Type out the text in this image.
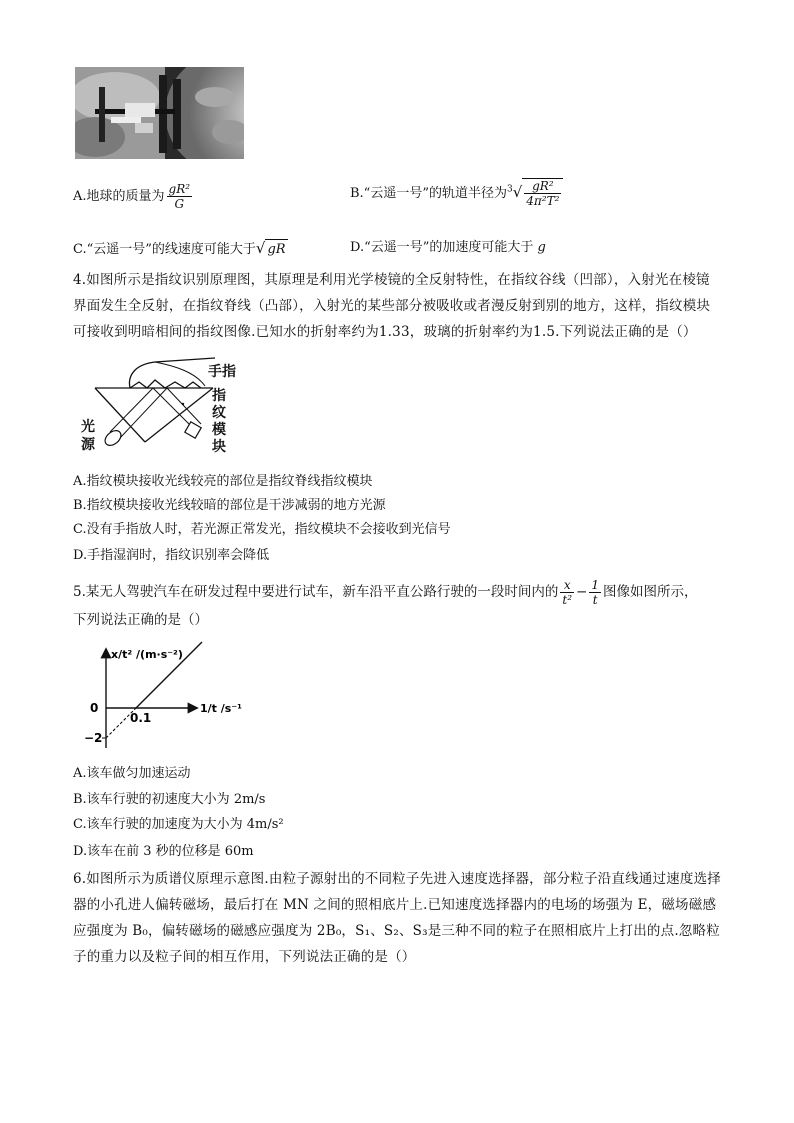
A.地球的质量为 $\frac{\text{gR²}}{G}$	B.“云遥一号”的轨道半径为$^3√ \frac{\text{gR²}}{\text{4π²T²}}$
C.“云遥一号”的线速度可能大于√ gR	D.“云遥一号”的加速度可能大于 g
4.如图所示是指纹识别原理图，其原理是利用光学棱镜的全反射特性，在指纹谷线（凹部），入射光在棱镜界面发生全反射，在指纹脊线（凸部），入射光的某些部分被吸收或者漫反射到别的地方，这样，指纹模块可接收到明暗相间的指纹图像.已知水的折射率约为1.33，玻璃的折射率约为1.5.下列说法正确的是（）
手指
光
源
指
纹
模
块
A.指纹模块接收光线较亮的部位是指纹脊线指纹模块
B.指纹模块接收光线较暗的部位是干涉减弱的地方光源
C.没有手指放人时，若光源正常发光，指纹模块不会接收到光信号
D.手指湿润时，指纹识别率会降低
5.某无人驾驶汽车在研发过程中要进行试车，新车沿平直公路行驶的一段时间内的 $\frac{x}{\text{t²}} - \frac{1}{t}$ 图像如图所示，
下列说法正确的是（）
x/t² /(m·s⁻²)
1/t /s⁻¹
0
−2
0.1
A.该车做匀加速运动
B.该车行驶的初速度大小为 2m/s
C.该车行驶的加速度为大小为 4m/s²
D.该车在前 3 秒的位移是 60m
6.如图所示为质谱仪原理示意图.由粒子源射出的不同粒子先进入速度选择器，部分粒子沿直线通过速度选择器的小孔进人偏转磁场，最后打在 MN 之间的照相底片上.已知速度选择器内的电场的场强为 E，磁场磁感应强度为 B₀，偏转磁场的磁感应强度为 2B₀，S₁、S₂、S₃是三种不同的粒子在照相底片上打出的点.忽略粒子的重力以及粒子间的相互作用，下列说法正确的是（）
